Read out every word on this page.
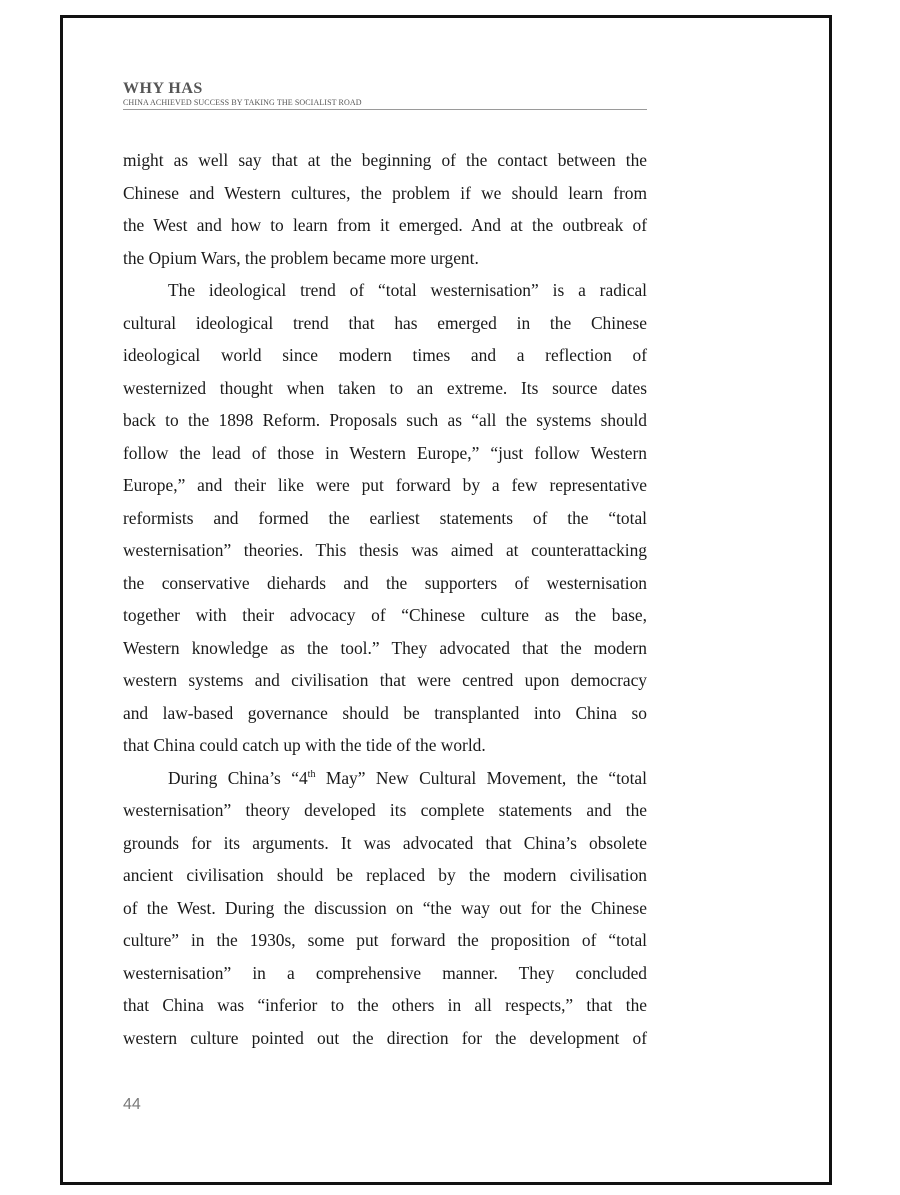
WHY HAS
CHINA ACHIEVED SUCCESS BY TAKING THE SOCIALIST ROAD
might as well say that at the beginning of the contact between the
Chinese and Western cultures, the problem if we should learn from
the West and how to learn from it emerged. And at the outbreak of
the Opium Wars, the problem became more urgent.
The ideological trend of “total westernisation” is a radical
cultural ideological trend that has emerged in the Chinese
ideological world since modern times and a reflection of
westernized thought when taken to an extreme. Its source dates
back to the 1898 Reform. Proposals such as “all the systems should
follow the lead of those in Western Europe,” “just follow Western
Europe,” and their like were put forward by a few representative
reformists and formed the earliest statements of the “total
westernisation” theories. This thesis was aimed at counterattacking
the conservative diehards and the supporters of westernisation
together with their advocacy of “Chinese culture as the base,
Western knowledge as the tool.” They advocated that the modern
western systems and civilisation that were centred upon democracy
and law-based governance should be transplanted into China so
that China could catch up with the tide of the world.
During China’s “4th May” New Cultural Movement, the “total
westernisation” theory developed its complete statements and the
grounds for its arguments. It was advocated that China’s obsolete
ancient civilisation should be replaced by the modern civilisation
of the West. During the discussion on “the way out for the Chinese
culture” in the 1930s, some put forward the proposition of “total
westernisation” in a comprehensive manner. They concluded
that China was “inferior to the others in all respects,” that the
western culture pointed out the direction for the development of
44
